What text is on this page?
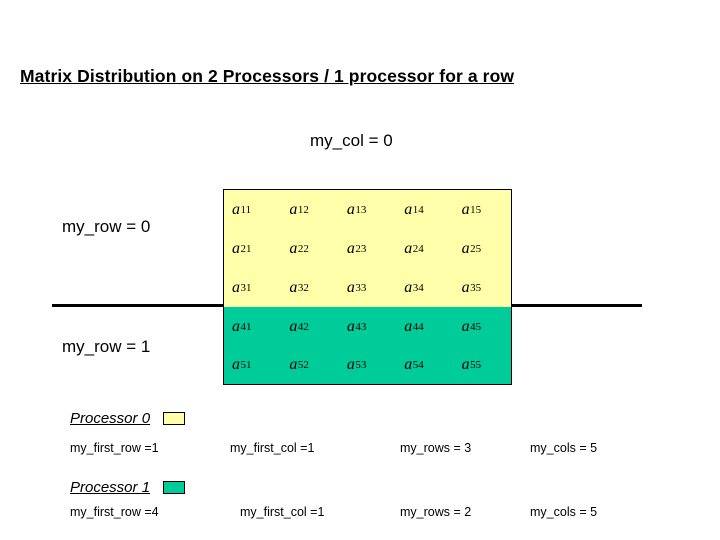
Matrix Distribution on 2 Processors / 1 processor for a row
my_col = 0
my_row = 0
my_row = 1
a 11 a 12 a 13 a 14 a 15
a 21 a 22 a 23 a 24 a 25
a 31 a 32 a 33 a 34 a 35
a 41 a 42 a 43 a 44 a 45
a 51 a 52 a 53 a 54 a 55
Processor 0
my_first_row =1	my_first_col =1	my_rows = 3	my_cols = 5
Processor 1
my_first_row =4	my_first_col =1	my_rows = 2	my_cols = 5
